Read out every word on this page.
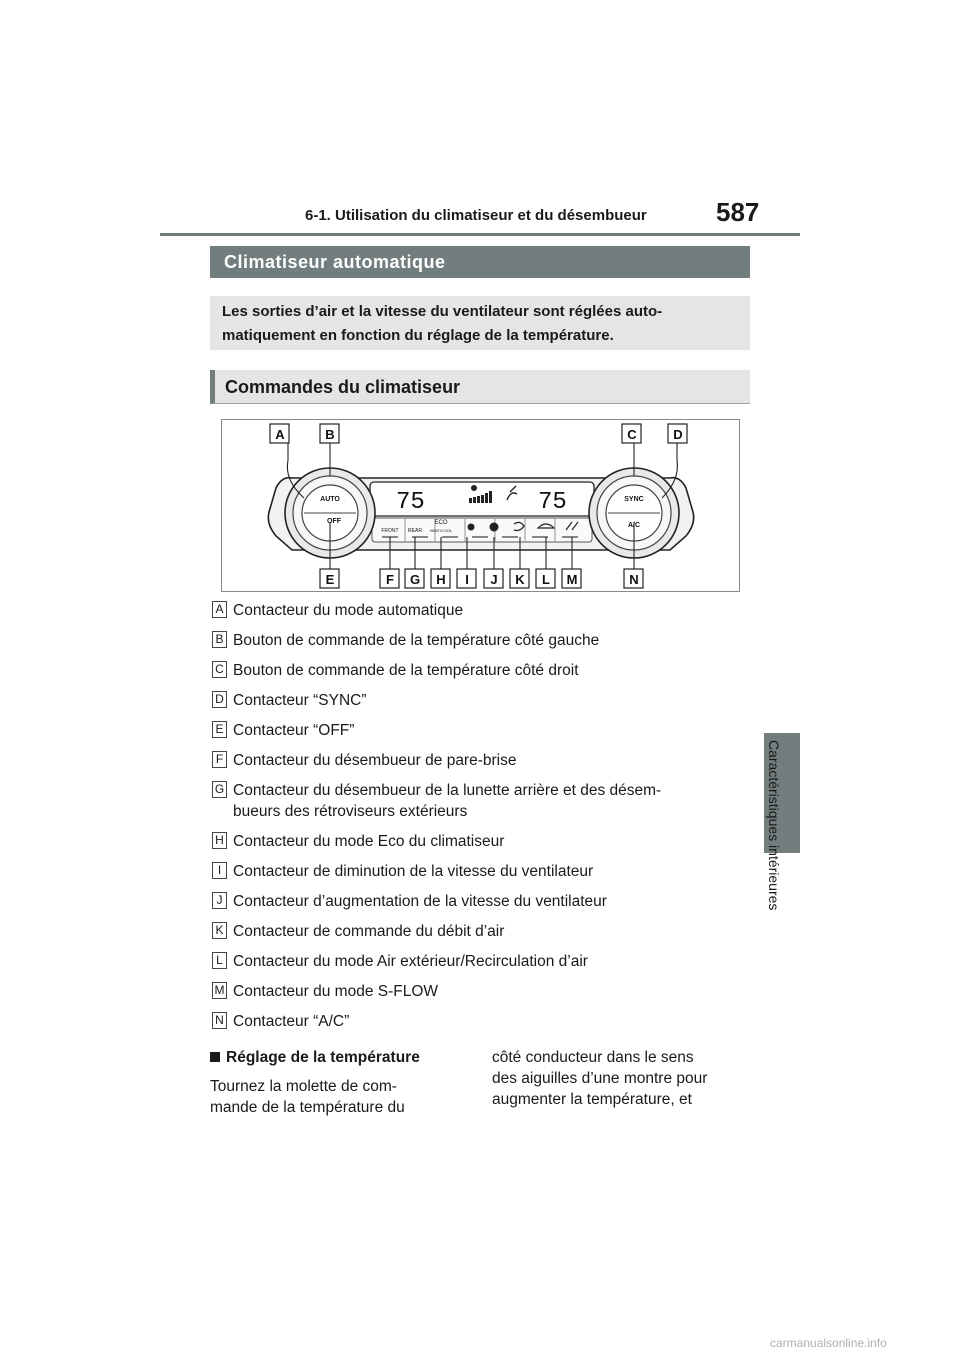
6-1. Utilisation du climatiseur et du désembueur	587
6
Caractéristiques intérieures
Climatiseur automatique
Les sorties d’air et la vitesse du ventilateur sont réglées auto-
matiquement en fonction du réglage de la température.
Commandes du climatiseur
A	B	C	D
E	F G H I J K L M	N
75	75
AUTO
OFF
SYNC
A/C
FRONT REAR
ECO
HEAT/COOL
A Contacteur du mode automatique
B Bouton de commande de la température côté gauche
C Bouton de commande de la température côté droit
D Contacteur “SYNC”
E Contacteur “OFF”
F Contacteur du désembueur de pare-brise
G Contacteur du désembueur de la lunette arrière et des désem-
bueurs des rétroviseurs extérieurs
H Contacteur du mode Eco du climatiseur
I Contacteur de diminution de la vitesse du ventilateur
J Contacteur d’augmentation de la vitesse du ventilateur
K Contacteur de commande du débit d’air
L Contacteur du mode Air extérieur/Recirculation d’air
M Contacteur du mode S-FLOW
N Contacteur “A/C”
Réglage de la température
Tournez la molette de com-
mande de la température du
côté conducteur dans le sens
des aiguilles d’une montre pour
augmenter la température, et
carmanualsonline.info
